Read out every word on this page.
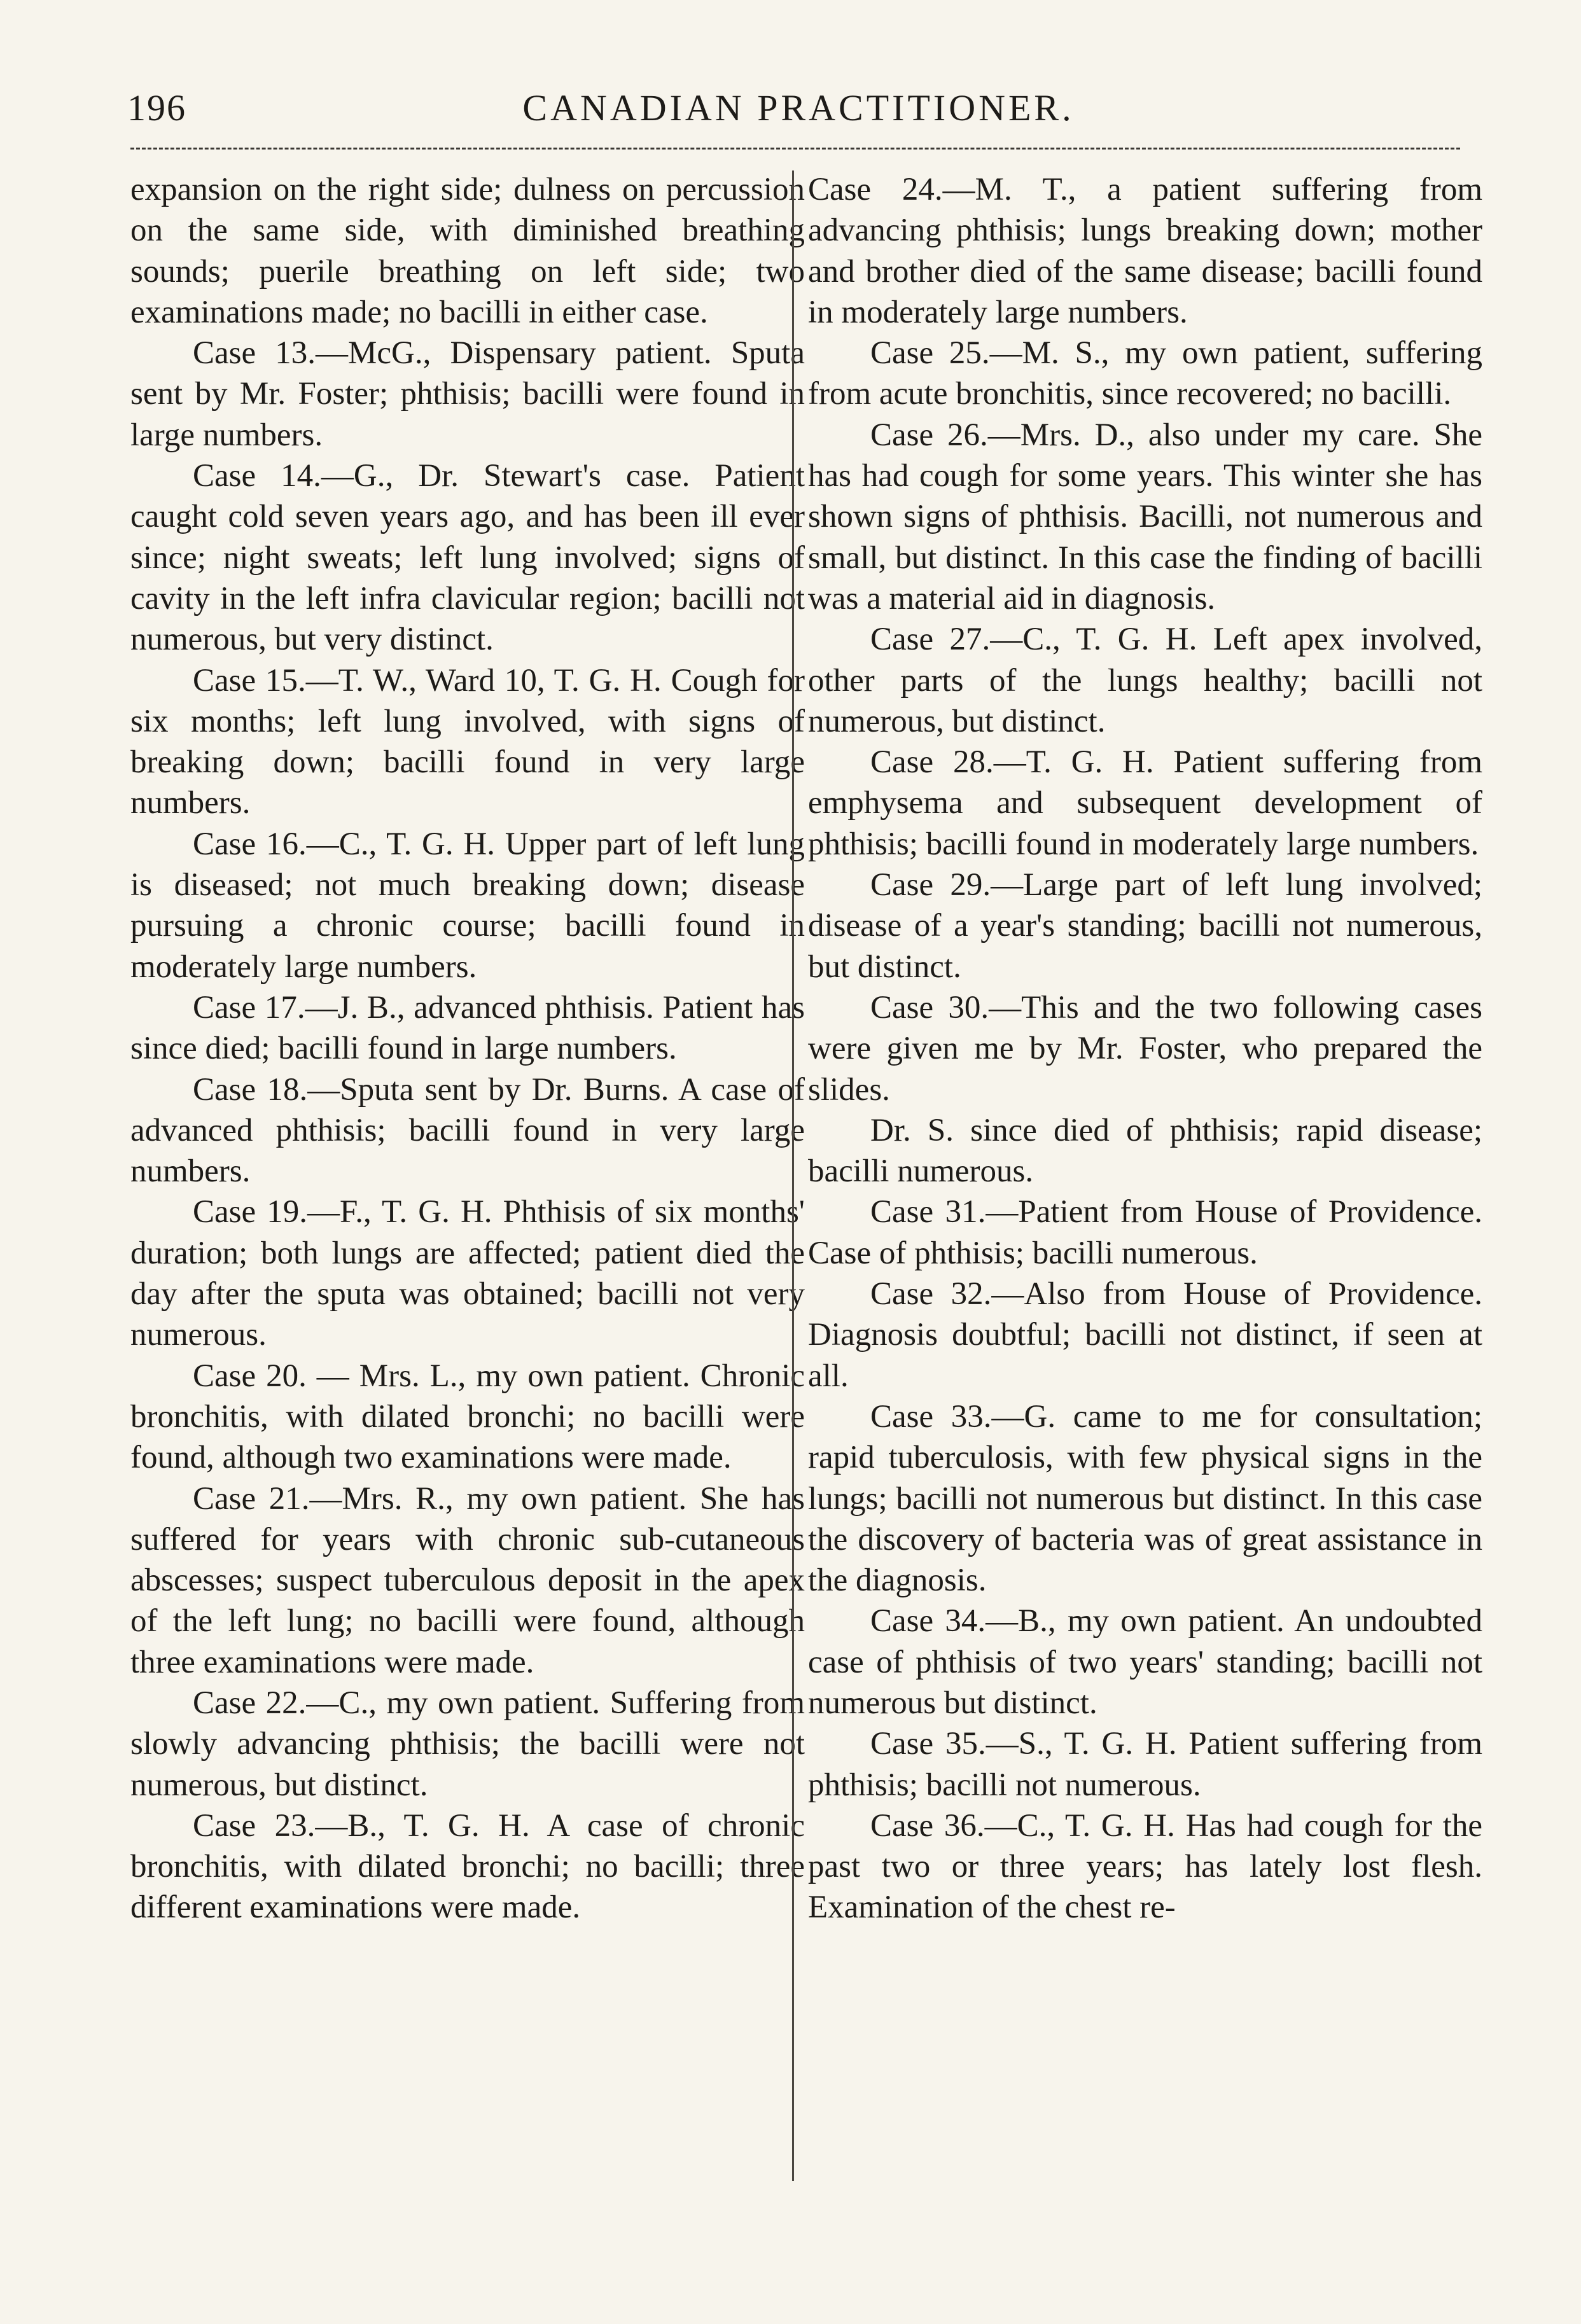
196	CANADIAN PRACTITIONER.

expansion on the right side; dulness on percussion on the same side, with diminished breathing sounds; puerile breathing on left side; two examinations made; no bacilli in either case.

Case 13.—McG., Dispensary patient. Sputa sent by Mr. Foster; phthisis; bacilli were found in large numbers.

Case 14.—G., Dr. Stewart's case. Patient caught cold seven years ago, and has been ill ever since; night sweats; left lung involved; signs of cavity in the left infra clavicular region; bacilli not numerous, but very distinct.

Case 15.—T. W., Ward 10, T. G. H. Cough for six months; left lung involved, with signs of breaking down; bacilli found in very large numbers.

Case 16.—C., T. G. H. Upper part of left lung is diseased; not much breaking down; disease pursuing a chronic course; bacilli found in moderately large numbers.

Case 17.—J. B., advanced phthisis. Patient has since died; bacilli found in large numbers.

Case 18.—Sputa sent by Dr. Burns. A case of advanced phthisis; bacilli found in very large numbers.

Case 19.—F., T. G. H. Phthisis of six months' duration; both lungs are affected; patient died the day after the sputa was obtained; bacilli not very numerous.

Case 20. — Mrs. L., my own patient. Chronic bronchitis, with dilated bronchi; no bacilli were found, although two examinations were made.

Case 21.—Mrs. R., my own patient. She has suffered for years with chronic sub-cutaneous abscesses; suspect tuberculous deposit in the apex of the left lung; no bacilli were found, although three examinations were made.

Case 22.—C., my own patient. Suffering from slowly advancing phthisis; the bacilli were not numerous, but distinct.

Case 23.—B., T. G. H. A case of chronic bronchitis, with dilated bronchi; no bacilli; three different examinations were made.

Case 24.—M. T., a patient suffering from advancing phthisis; lungs breaking down; mother and brother died of the same disease; bacilli found in moderately large numbers.

Case 25.—M. S., my own patient, suffering from acute bronchitis, since recovered; no bacilli.

Case 26.—Mrs. D., also under my care. She has had cough for some years. This winter she has shown signs of phthisis. Bacilli, not numerous and small, but distinct. In this case the finding of bacilli was a material aid in diagnosis.

Case 27.—C., T. G. H. Left apex involved, other parts of the lungs healthy; bacilli not numerous, but distinct.

Case 28.—T. G. H. Patient suffering from emphysema and subsequent development of phthisis; bacilli found in moderately large numbers.

Case 29.—Large part of left lung involved; disease of a year's standing; bacilli not numerous, but distinct.

Case 30.—This and the two following cases were given me by Mr. Foster, who prepared the slides.

Dr. S. since died of phthisis; rapid disease; bacilli numerous.

Case 31.—Patient from House of Providence. Case of phthisis; bacilli numerous.

Case 32.—Also from House of Providence. Diagnosis doubtful; bacilli not distinct, if seen at all.

Case 33.—G. came to me for consultation; rapid tuberculosis, with few physical signs in the lungs; bacilli not numerous but distinct. In this case the discovery of bacteria was of great assistance in the diagnosis.

Case 34.—B., my own patient. An undoubted case of phthisis of two years' standing; bacilli not numerous but distinct.

Case 35.—S., T. G. H. Patient suffering from phthisis; bacilli not numerous.

Case 36.—C., T. G. H. Has had cough for the past two or three years; has lately lost flesh. Examination of the chest re-
